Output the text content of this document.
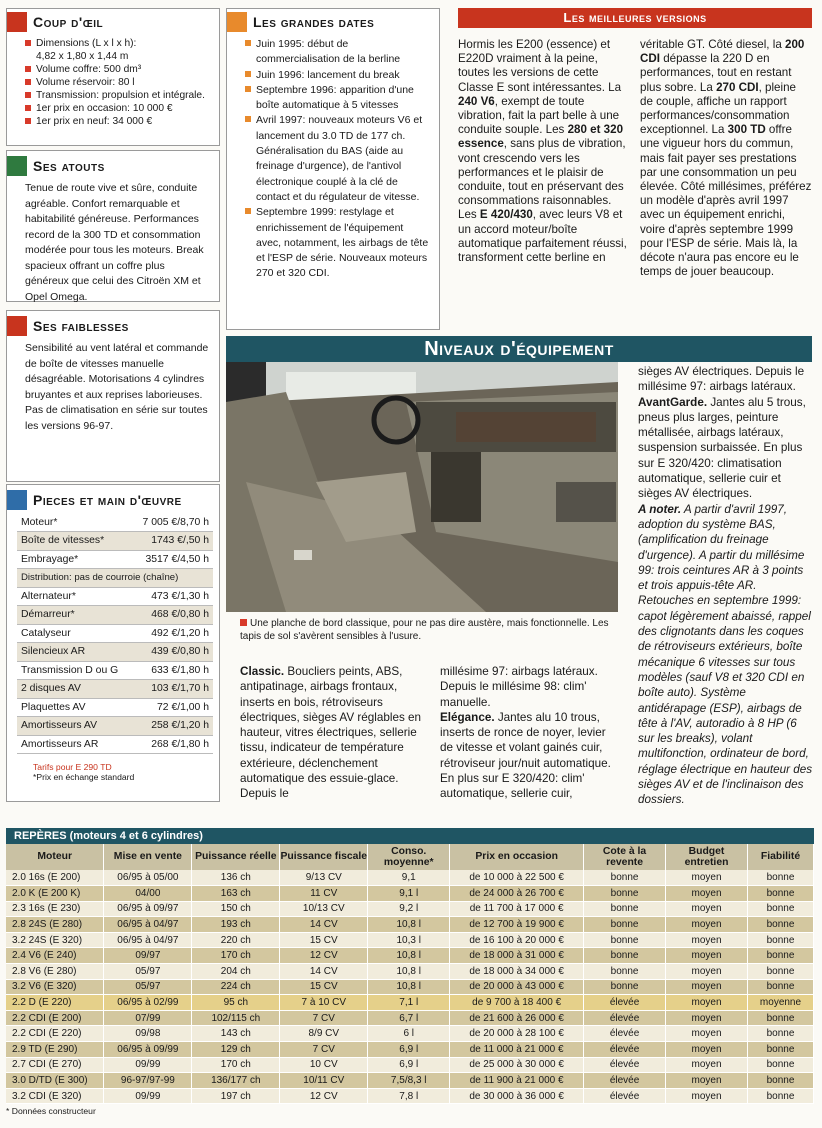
Coup d'œil
Dimensions (L x l x h):
4,82 x 1,80 x 1,44 m
Volume coffre: 500 dm³
Volume réservoir: 80 l
Transmission: propulsion et intégrale.
1er prix en occasion: 10 000 €
1er prix en neuf: 34 000 €
Ses atouts
Tenue de route vive et sûre, conduite agréable. Confort remarquable et habitabilité généreuse. Performances record de la 300 TD et consommation modérée pour tous les moteurs. Break spacieux offrant un coffre plus généreux que celui des Citroën XM et Opel Omega.
Ses faiblesses
Sensibilité au vent latéral et commande de boîte de vitesses manuelle désagréable. Motorisations 4 cylindres bruyantes et aux reprises laborieuses. Pas de climatisation en série sur toutes les versions 96-97.
Pieces et main d'œuvre
Moteur*	7 005 €/8,70 h
Boîte de vitesses*	1743 €/,50 h
Embrayage*	3517 €/4,50 h
Distribution: pas de courroie (chaîne)	
Alternateur*	473 €/1,30 h
Démarreur*	468 €/0,80 h
Catalyseur	492 €/1,20 h
Silencieux AR	439 €/0,80 h
Transmission D ou G	633 €/1,80 h
2 disques AV	103 €/1,70 h
Plaquettes AV	72 €/1,00 h
Amortisseurs AV	258 €/1,20 h
Amortisseurs AR	268 €/1,80 h
Tarifs pour E 290 TD
*Prix en échange standard
Les grandes dates
Juin 1995: début de commercialisation de la berline
Juin 1996: lancement du break
Septembre 1996: apparition d'une boîte automatique à 5 vitesses
Avril 1997: nouveaux moteurs V6 et lancement du 3.0 TD de 177 ch. Généralisation du BAS (aide au freinage d'urgence), de l'antivol électronique couplé à la clé de contact et du régulateur de vitesse.
Septembre 1999: restylage et enrichissement de l'équipement avec, notamment, les airbags de tête et l'ESP de série. Nouveaux moteurs 270 et 320 CDI.
Les meilleures versions
Hormis les E200 (essence) et E220D vraiment à la peine, toutes les versions de cette Classe E sont intéressantes. La 240 V6, exempt de toute vibration, fait la part belle à une conduite souple. Les 280 et 320 essence, sans plus de vibration, vont crescendo vers les performances et le plaisir de conduite, tout en préservant des consommations raisonnables. Les E 420/430, avec leurs V8 et un accord moteur/boîte automatique parfaitement réussi, transforment cette berline en
véritable GT. Côté diesel, la 200 CDI dépasse la 220 D en performances, tout en restant plus sobre. La 270 CDI, pleine de couple, affiche un rapport performances/consommation exceptionnel. La 300 TD offre une vigueur hors du commun, mais fait payer ses prestations par une consommation un peu élevée. Côté millésimes, préférez un modèle d'après avril 1997 avec un équipement enrichi, voire d'après septembre 1999 pour l'ESP de série. Mais là, la décote n'aura pas encore eu le temps de jouer beaucoup.
Niveaux d'équipement
Une planche de bord classique, pour ne pas dire austère, mais fonctionnelle. Les tapis de sol s'avèrent sensibles à l'usure.
Classic. Boucliers peints, ABS, antipatinage, airbags frontaux, inserts en bois, rétroviseurs électriques, sièges AV réglables en hauteur, vitres électriques, sellerie tissu, indicateur de température extérieure, déclenchement automatique des essuie-glace. Depuis le
millésime 97: airbags latéraux. Depuis le millésime 98: clim' manuelle.
Elégance. Jantes alu 10 trous, inserts de ronce de noyer, levier de vitesse et volant gainés cuir, rétroviseur jour/nuit automatique. En plus sur E 320/420: clim' automatique, sellerie cuir,
sièges AV électriques. Depuis le millésime 97: airbags latéraux.
AvantGarde. Jantes alu 5 trous, pneus plus larges, peinture métallisée, airbags latéraux, suspension surbaissée. En plus sur E 320/420: climatisation automatique, sellerie cuir et sièges AV électriques.
A noter. A partir d'avril 1997, adoption du système BAS, (amplification du freinage d'urgence). A partir du millésime 99: trois ceintures AR à 3 points et trois appuis-tête AR. Retouches en septembre 1999: capot légèrement abaissé, rappel des clignotants dans les coques de rétroviseurs extérieurs, boîte mécanique 6 vitesses sur tous modèles (sauf V8 et 320 CDI en boîte auto). Système antidérapage (ESP), airbags de tête à l'AV, autoradio à 8 HP (6 sur les breaks), volant multifonction, ordinateur de bord, réglage électrique en hauteur des sièges AV et de l'inclinaison des dossiers.
REPÈRES (moteurs 4 et 6 cylindres)
Moteur	Mise en vente	Puissance réelle	Puissance fiscale	Conso. moyenne*	Prix en occasion	Cote à la revente	Budget entretien	Fiabilité
2.0 16s (E 200)	06/95 à 05/00	136 ch	9/13 CV	9,1	de 10 000 à 22 500 €	bonne	moyen	bonne
2.0 K (E 200 K)	04/00	163 ch	11 CV	9,1 l	de 24 000 à 26 700 €	bonne	moyen	bonne
2.3 16s (E 230)	06/95 à 09/97	150 ch	10/13 CV	9,2 l	de 11 700 à 17 000 €	bonne	moyen	bonne
2.8 24S (E 280)	06/95 à 04/97	193 ch	14 CV	10,8 l	de 12 700 à 19 900 €	bonne	moyen	bonne
3.2 24S (E 320)	06/95 à 04/97	220 ch	15 CV	10,3 l	de 16 100 à 20 000 €	bonne	moyen	bonne
2.4 V6 (E 240)	09/97	170 ch	12 CV	10,8 l	de 18 000 à 31 000 €	bonne	moyen	bonne
2.8 V6 (E 280)	05/97	204 ch	14 CV	10,8 l	de 18 000 à 34 000 €	bonne	moyen	bonne
3.2 V6 (E 320)	05/97	224 ch	15 CV	10,8 l	de 20 000 à 43 000 €	bonne	moyen	bonne
2.2 D (E 220)	06/95 à 02/99	95 ch	7 à 10 CV	7,1 l	de 9 700 à 18 400 €	élevée	moyen	moyenne
2.2 CDI (E 200)	07/99	102/115 ch	7 CV	6,7 l	de 21 600 à 26 000 €	élevée	moyen	bonne
2.2 CDI (E 220)	09/98	143 ch	8/9 CV	6 l	de 20 000 à 28 100 €	élevée	moyen	bonne
2.9 TD (E 290)	06/95 à 09/99	129 ch	7 CV	6,9 l	de 11 000 à 21 000 €	élevée	moyen	bonne
2.7 CDI (E 270)	09/99	170 ch	10 CV	6,9 l	de 25 000 à 30 000 €	élevée	moyen	bonne
3.0 D/TD (E 300)	96-97/97-99	136/177 ch	10/11 CV	7,5/8,3 l	de 11 900 à 21 000 €	élevée	moyen	bonne
3.2 CDI (E 320)	09/99	197 ch	12 CV	7,8 l	de 30 000 à 36 000 €	élevée	moyen	bonne
* Données constructeur
